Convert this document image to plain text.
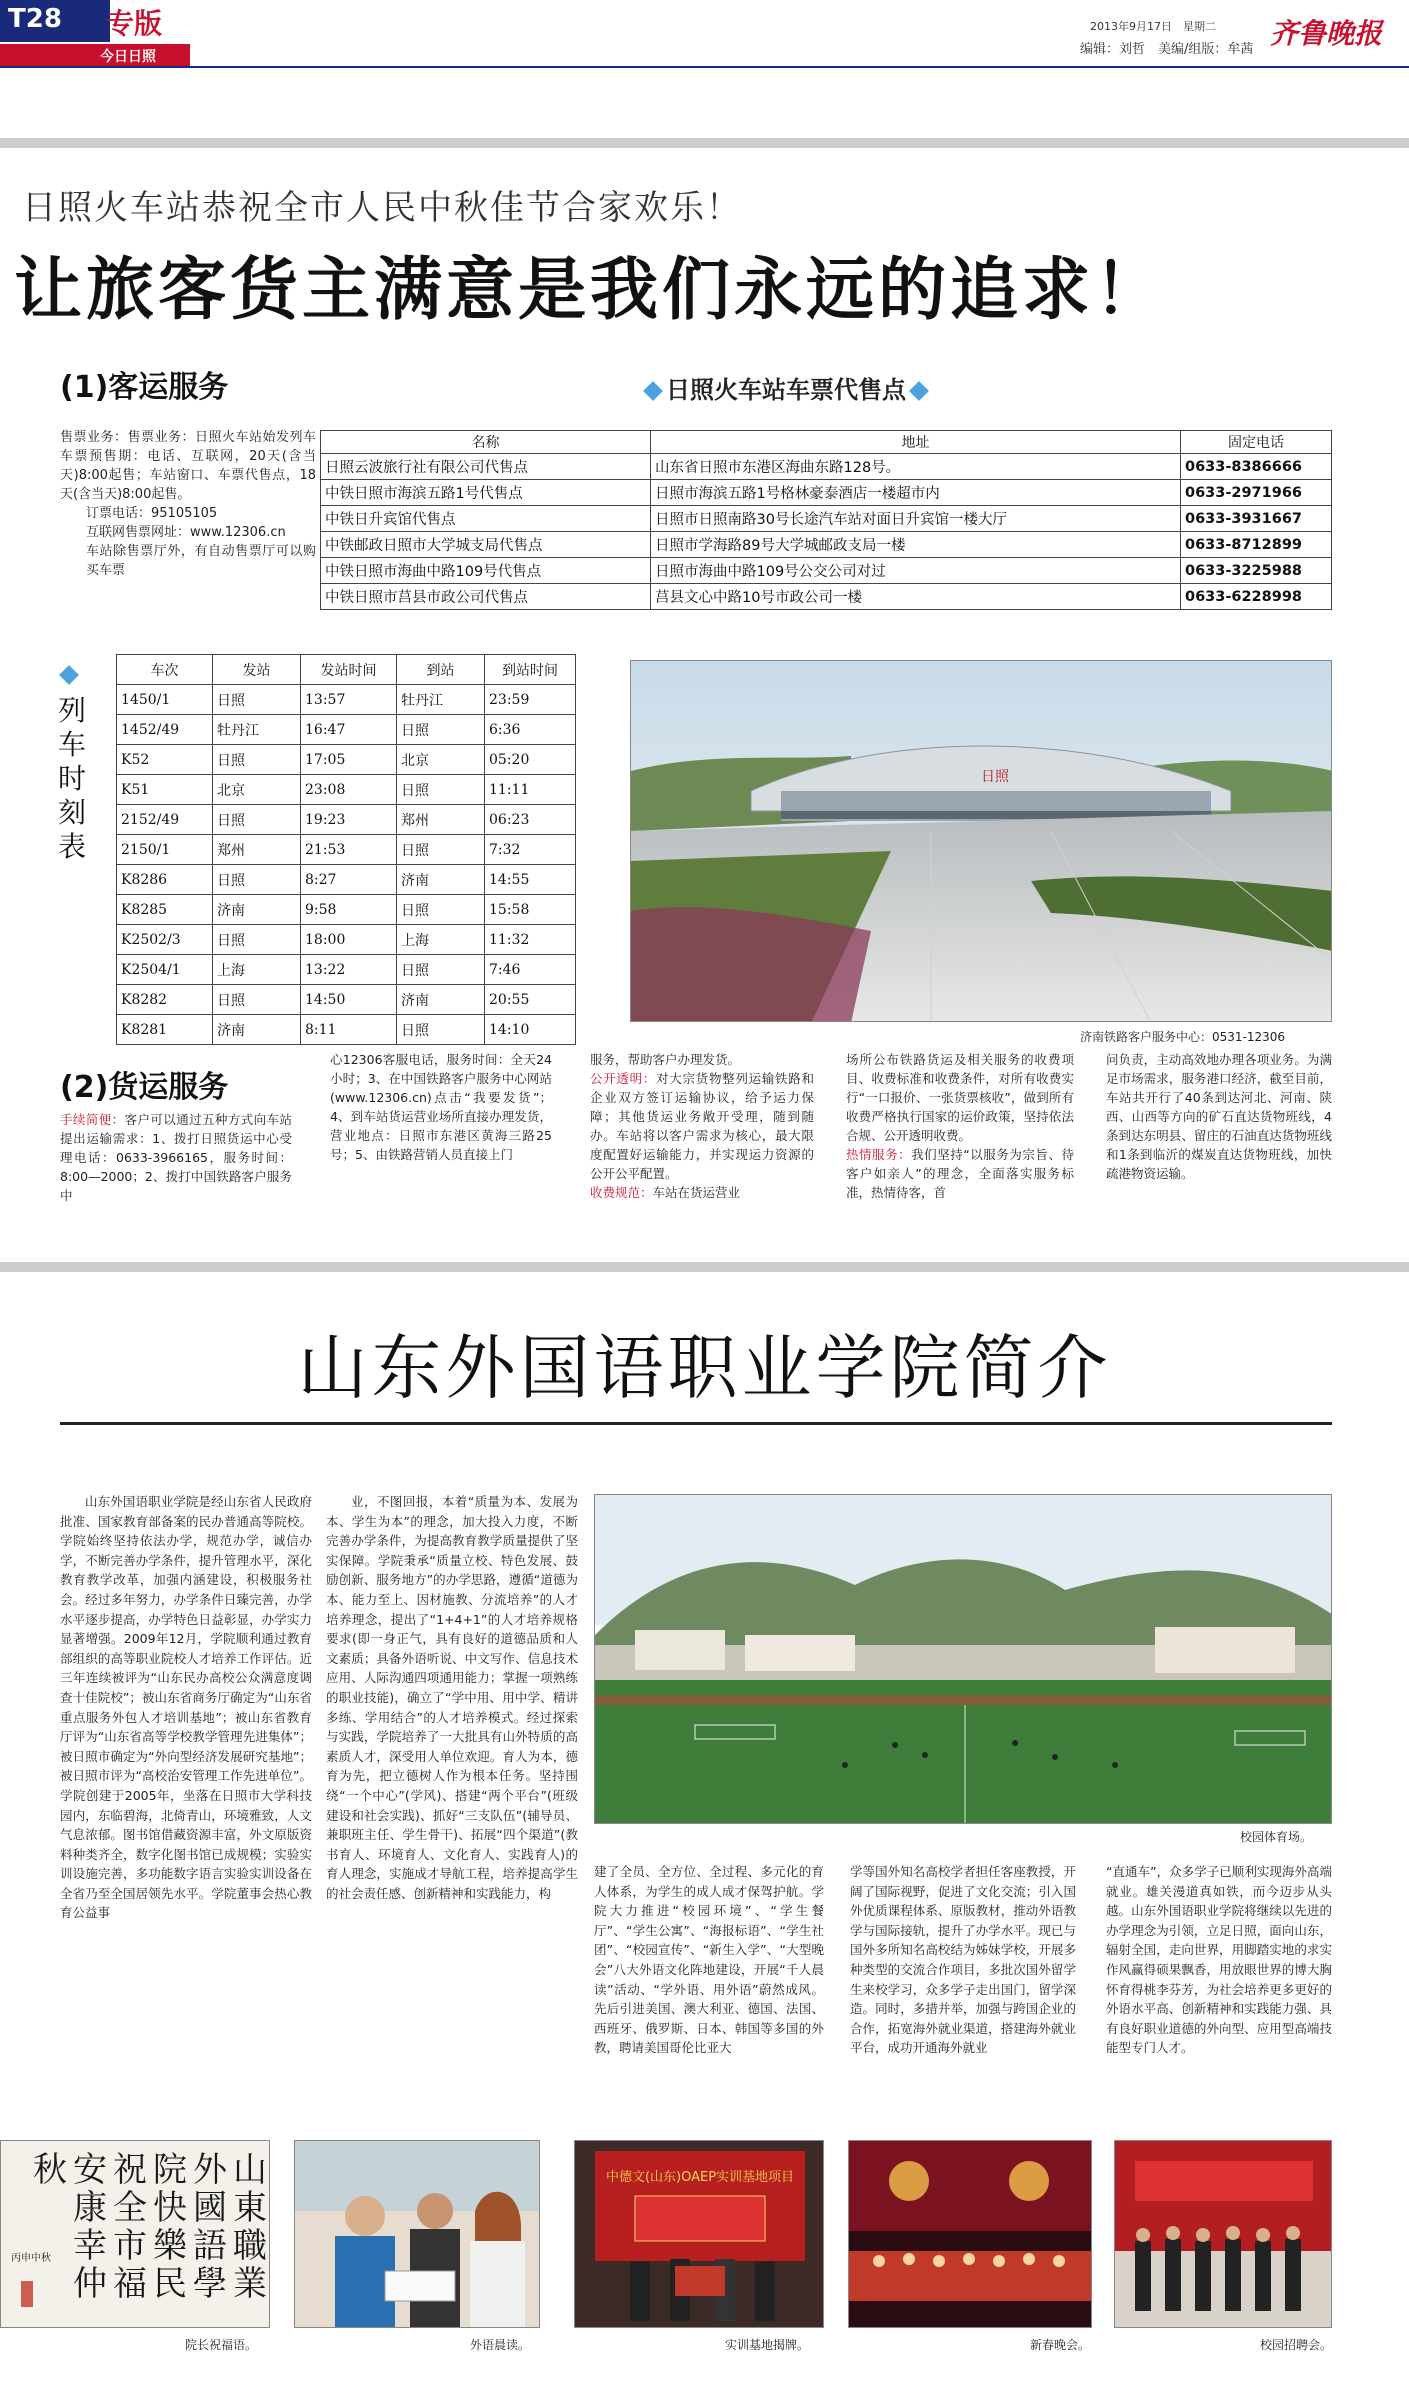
T28	专版
今日日照
2013年9月17日　星期二
编辑：刘哲　美编/组版：牟茜 齐鲁晚报
日照火车站恭祝全市人民中秋佳节合家欢乐！
让旅客货主满意是我们永远的追求！
(1)客运服务	日照火车站车票代售点

售票业务：售票业务：日照火车站始发列车车票预售期：电话、互联网，20天(含当天)8:00起售；车站窗口、车票代售点，18天(含当天)8:00起售。

订票电话：95105105

互联网售票网址：www.12306.cn

车站除售票厅外，有自动售票厅可以购买车票

名称	地址	固定电话
日照云波旅行社有限公司代售点	山东省日照市东港区海曲东路128号。	0633-8386666
中铁日照市海滨五路1号代售点	日照市海滨五路1号格林豪泰酒店一楼超市内	0633-2971966
中铁日升宾馆代售点	日照市日照南路30号长途汽车站对面日升宾馆一楼大厅	0633-3931667
中铁邮政日照市大学城支局代售点	日照市学海路89号大学城邮政支局一楼	0633-8712899
中铁日照市海曲中路109号代售点	日照市海曲中路109号公交公司对过	0633-3225988
中铁日照市莒县市政公司代售点	莒县文心中路10号市政公司一楼	0633-6228998
列车时刻表
车次	发站	发站时间	到站	到站时间
1450/1	日照	13:57	牡丹江	23:59
1452/49	牡丹江	16:47	日照	6:36
K52	日照	17:05	北京	05:20
K51	北京	23:08	日照	11:11
2152/49	日照	19:23	郑州	06:23
2150/1	郑州	21:53	日照	7:32
K8286	日照	8:27	济南	14:55
K8285	济南	9:58	日照	15:58
K2502/3	日照	18:00	上海	11:32
K2504/1	上海	13:22	日照	7:46
K8282	日照	14:50	济南	20:55
K8281	济南	8:11	日照	14:10
日照
济南铁路客户服务中心：0531-12306
(2)货运服务
手续简便：客户可以通过五种方式向车站提出运输需求：1、拨打日照货运中心受理电话：0633-3966165，服务时间：8:00—2000；2、拨打中国铁路客户服务中
心12306客服电话，服务时间：全天24小时；3、在中国铁路客户服务中心网站(www.12306.cn)点击“我要发货”；4、到车站货运营业场所直接办理发货，营业地点：日照市东港区黄海三路25号；5、由铁路营销人员直接上门
服务，帮助客户办理发货。
公开透明：对大宗货物整列运输铁路和企业双方签订运输协议，给予运力保障；其他货运业务敞开受理，随到随办。车站将以客户需求为核心，最大限度配置好运输能力，并实现运力资源的公开公平配置。
收费规范：车站在货运营业
场所公布铁路货运及相关服务的收费项目、收费标准和收费条件，对所有收费实行“一口报价、一张货票核收”，做到所有收费严格执行国家的运价政策，坚持依法合规、公开透明收费。
热情服务：我们坚持“以服务为宗旨、待客户如亲人”的理念，全面落实服务标准，热情待客，首
问负责，主动高效地办理各项业务。为满足市场需求，服务港口经济，截至目前，车站共开行了40条到达河北、河南、陕西、山西等方向的矿石直达货物班线，4条到达东明县、留庄的石油直达货物班线和1条到临沂的煤炭直达货物班线，加快疏港物资运输。
山东外国语职业学院简介
山东外国语职业学院是经山东省人民政府批准、国家教育部备案的民办普通高等院校。学院始终坚持依法办学，规范办学，诚信办学，不断完善办学条件，提升管理水平，深化教育教学改革，加强内涵建设，积极服务社会。经过多年努力，办学条件日臻完善，办学水平逐步提高，办学特色日益彰显，办学实力显著增强。2009年12月，学院顺利通过教育部组织的高等职业院校人才培养工作评估。近三年连续被评为“山东民办高校公众满意度调查十佳院校”；被山东省商务厅确定为“山东省重点服务外包人才培训基地”；被山东省教育厅评为“山东省高等学校教学管理先进集体”；被日照市确定为“外向型经济发展研究基地”；被日照市评为“高校治安管理工作先进单位”。学院创建于2005年，坐落在日照市大学科技园内，东临碧海，北倚青山，环境雅致，人文气息浓郁。图书馆借藏资源丰富，外文原版资料种类齐全，数字化图书馆已成规模；实验实训设施完善，多功能数字语言实验实训设备在全省乃至全国居领先水平。学院董事会热心教育公益事
业，不图回报，本着“质量为本、发展为本、学生为本”的理念，加大投入力度，不断完善办学条件，为提高教育教学质量提供了坚实保障。学院秉承“质量立校、特色发展、鼓励创新、服务地方”的办学思路，遵循“道德为本、能力至上、因材施教、分流培养”的人才培养理念，提出了“1+4+1”的人才培养规格要求(即一身正气，具有良好的道德品质和人文素质；具备外语听说、中文写作、信息技术应用、人际沟通四项通用能力；掌握一项熟练的职业技能)，确立了“学中用、用中学、精讲多练、学用结合”的人才培养模式。经过探索与实践，学院培养了一大批具有山外特质的高素质人才，深受用人单位欢迎。育人为本，德育为先，把立德树人作为根本任务。坚持围绕“一个中心”(学风)、搭建“两个平台”(班级建设和社会实践)、抓好“三支队伍”(辅导员、兼职班主任、学生骨干)、拓展“四个渠道”(教书育人、环境育人、文化育人、实践育人)的育人理念，实施成才导航工程，培养提高学生的社会责任感、创新精神和实践能力，构
校园体育场。
建了全员、全方位、全过程、多元化的育人体系，为学生的成人成才保驾护航。学院大力推进“校园环境”、“学生餐厅”、“学生公寓”、“海报标语”、“学生社团”、“校园宣传”、“新生入学”、“大型晚会”八大外语文化阵地建设，开展“千人晨读”活动、“学外语、用外语”蔚然成风。先后引进美国、澳大利亚、德国、法国、西班牙、俄罗斯、日本、韩国等多国的外教，聘请美国哥伦比亚大
学等国外知名高校学者担任客座教授，开阔了国际视野，促进了文化交流；引入国外优质课程体系、原版教材，推动外语教学与国际接轨，提升了办学水平。现已与国外多所知名高校结为姊妹学校，开展多种类型的交流合作项目，多批次国外留学生来校学习，众多学子走出国门，留学深造。同时，多措并举，加强与跨国企业的合作，拓宽海外就业渠道，搭建海外就业平台，成功开通海外就业
“直通车”，众多学子已顺利实现海外高端就业。雄关漫道真如铁，而今迈步从头越。山东外国语职业学院将继续以先进的办学理念为引领，立足日照，面向山东，辐射全国，走向世界，用脚踏实地的求实作风赢得硕果飘香，用放眼世界的博大胸怀育得桃李芬芳，为社会培养更多更好的外语水平高、创新精神和实践能力强、具有良好职业道德的外向型、应用型高端技能型专门人才。
山
東
職
業
外
國
語
學
院
快
樂
民
祝
全
市
福
安
康
幸
仲
秋
丙申中秋
中德文(山东)OAEP实训基地项目
院长祝福语。	外语晨读。	实训基地揭牌。	新春晚会。	校园招聘会。
